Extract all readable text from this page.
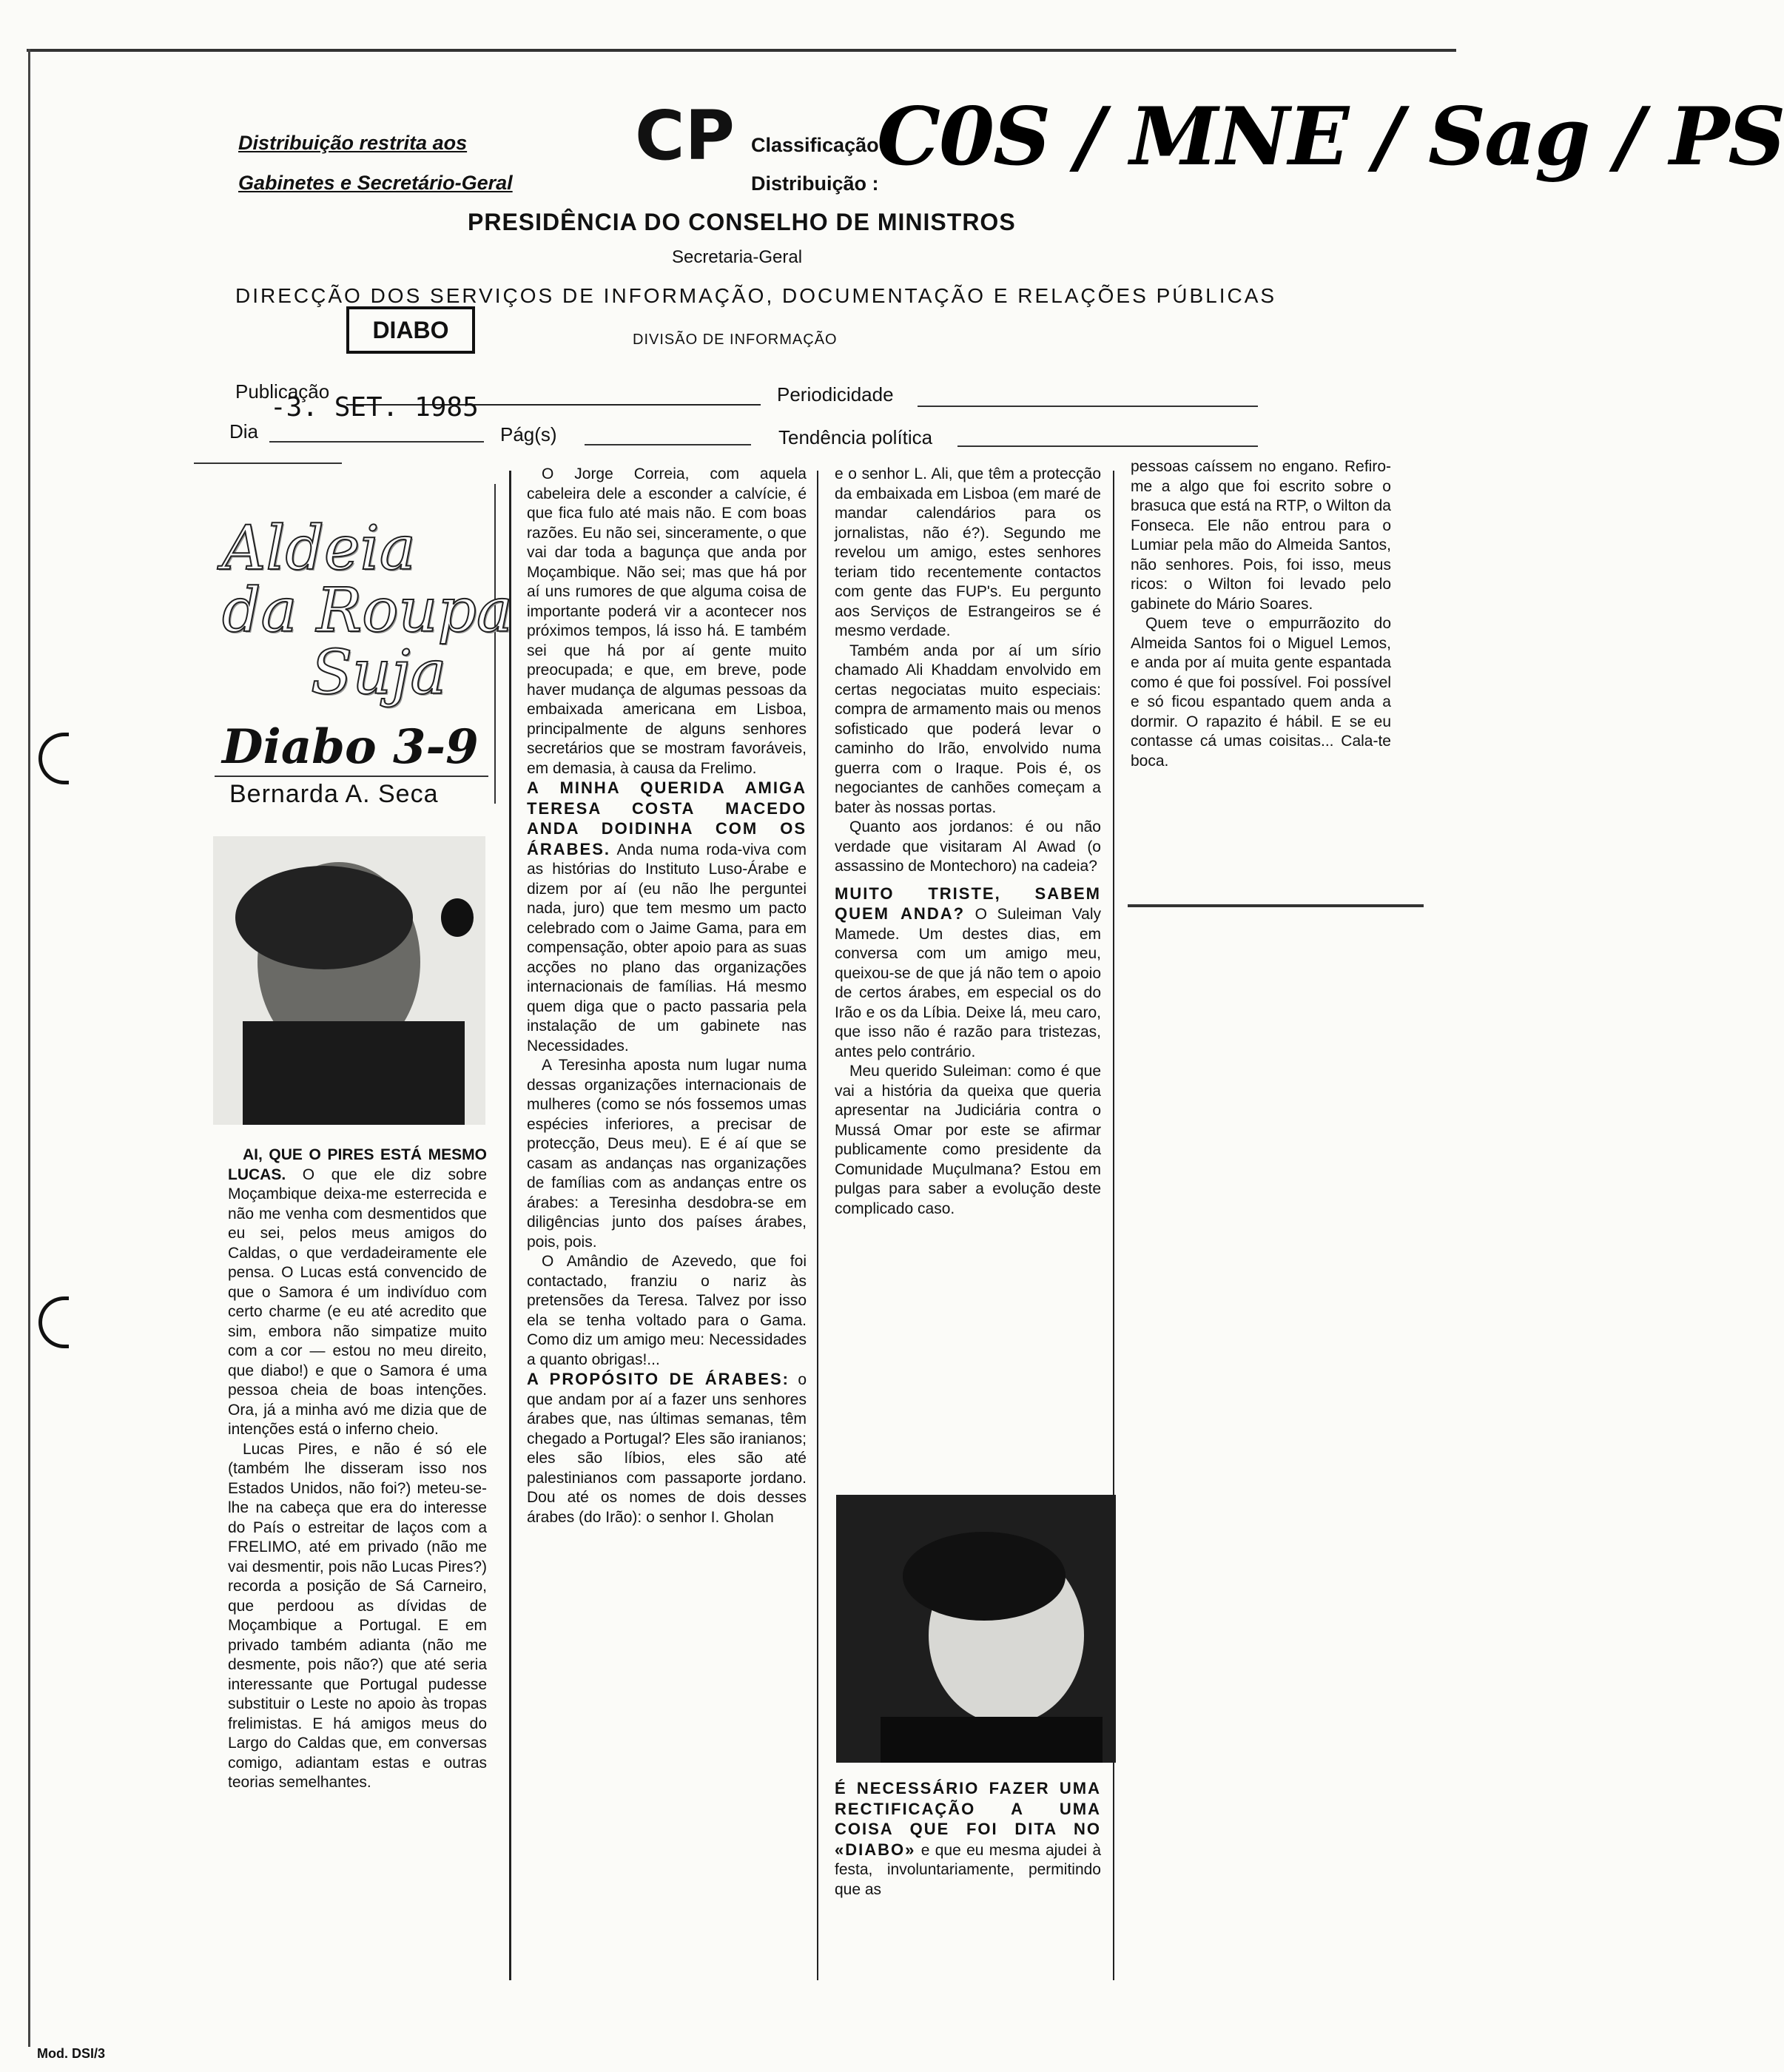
Distribuição restrita aos
Gabinetes e Secretário-Geral
CP Classificação
Distribuição :
C0S / MNE / Sag / PS
PRESIDÊNCIA DO CONSELHO DE MINISTROS
Secretaria-Geral
DIRECÇÃO DOS SERVIÇOS DE INFORMAÇÃO, DOCUMENTAÇÃO E RELAÇÕES PÚBLICAS
DIABO	DIVISÃO DE INFORMAÇÃO
Publicação
-3. SET. 1985	Periodicidade
Dia	Pág(s)	Tendência política
Aldeia
da Roupa
Suja
Diabo 3-9
Bernarda A. Seca

AI, QUE O PIRES ESTÁ MESMO LUCAS. O que ele diz sobre Moçambique deixa-me esterrecida e não me venha com desmentidos que eu sei, pelos meus amigos do Caldas, o que verdadeiramente ele pensa. O Lucas está convencido de que o Samora é um indivíduo com certo charme (e eu até acredito que sim, embora não simpatize muito com a cor — estou no meu direito, que diabo!) e que o Samora é uma pessoa cheia de boas intenções. Ora, já a minha avó me dizia que de intenções está o inferno cheio.

Lucas Pires, e não é só ele (também lhe disseram isso nos Estados Unidos, não foi?) meteu-se-lhe na cabeça que era do interesse do País o estreitar de laços com a FRELIMO, até em privado (não me vai desmentir, pois não Lucas Pires?) recorda a posição de Sá Carneiro, que perdoou as dívidas de Moçambique a Portugal. E em privado também adianta (não me desmente, pois não?) que até seria interessante que Portugal pudesse substituir o Leste no apoio às tropas frelimistas. E há amigos meus do Largo do Caldas que, em conversas comigo, adiantam estas e outras teorias semelhantes.

O Jorge Correia, com aquela cabeleira dele a esconder a calvície, é que fica fulo até mais não. E com boas razões. Eu não sei, sinceramente, o que vai dar toda a bagunça que anda por Moçambique. Não sei; mas que há por aí uns rumores de que alguma coisa de importante poderá vir a acontecer nos próximos tempos, lá isso há. E também sei que há por aí gente muito preocupada; e que, em breve, pode haver mudança de algumas pessoas da embaixada americana em Lisboa, principalmente de alguns senhores secretários que se mostram favoráveis, em demasia, à causa da Frelimo.

A MINHA QUERIDA AMIGA TERESA COSTA MACEDO ANDA DOIDINHA COM OS ÁRABES. Anda numa roda-viva com as histórias do Instituto Luso-Árabe e dizem por aí (eu não lhe perguntei nada, juro) que tem mesmo um pacto celebrado com o Jaime Gama, para em compensação, obter apoio para as suas acções no plano das organizações internacionais de famílias. Há mesmo quem diga que o pacto passaria pela instalação de um gabinete nas Necessidades.

A Teresinha aposta num lugar numa dessas organizações internacionais de mulheres (como se nós fossemos umas espécies inferiores, a precisar de protecção, Deus meu). E é aí que se casam as andanças nas organizações de famílias com as andanças entre os árabes: a Teresinha desdobra-se em diligências junto dos países árabes, pois, pois.

O Amândio de Azevedo, que foi contactado, franziu o nariz às pretensões da Teresa. Talvez por isso ela se tenha voltado para o Gama. Como diz um amigo meu: Necessidades a quanto obrigas!...

A PROPÓSITO DE ÁRABES: o que andam por aí a fazer uns senhores árabes que, nas últimas semanas, têm chegado a Portugal? Eles são iranianos; eles são líbios, eles são até palestinianos com passaporte jordano. Dou até os nomes de dois desses árabes (do Irão): o senhor I. Gholan

e o senhor L. Ali, que têm a protecção da embaixada em Lisboa (em maré de mandar calendários para os jornalistas, não é?). Segundo me revelou um amigo, estes senhores teriam tido recentemente contactos com gente das FUP's. Eu pergunto aos Serviços de Estrangeiros se é mesmo verdade.

Também anda por aí um sírio chamado Ali Khaddam envolvido em certas negociatas muito especiais: compra de armamento mais ou menos sofisticado que poderá levar o caminho do Irão, envolvido numa guerra com o Iraque. Pois é, os negociantes de canhões começam a bater às nossas portas.

Quanto aos jordanos: é ou não verdade que visitaram Al Awad (o assassino de Montechoro) na cadeia?

MUITO TRISTE, SABEM QUEM ANDA? O Suleiman Valy Mamede. Um destes dias, em conversa com um amigo meu, queixou-se de que já não tem o apoio de certos árabes, em especial os do Irão e os da Líbia. Deixe lá, meu caro, que isso não é razão para tristezas, antes pelo contrário.

Meu querido Suleiman: como é que vai a história da queixa que queria apresentar na Judiciária contra o Mussá Omar por este se afirmar publicamente como presidente da Comunidade Muçulmana? Estou em pulgas para saber a evolução deste complicado caso.

É NECESSÁRIO FAZER UMA RECTIFICAÇÃO A UMA COISA QUE FOI DITA NO «DIABO» e que eu mesma ajudei à festa, involuntariamente, permitindo que as

pessoas caíssem no engano. Refiro-me a algo que foi escrito sobre o brasuca que está na RTP, o Wilton da Fonseca. Ele não entrou para o Lumiar pela mão do Almeida Santos, não senhores. Pois, foi isso, meus ricos: o Wilton foi levado pelo gabinete do Mário Soares.

Quem teve o empurrãozito do Almeida Santos foi o Miguel Lemos, e anda por aí muita gente espantada como é que foi possível. Foi possível e só ficou espantado quem anda a dormir. O rapazito é hábil. E se eu contasse cá umas coisitas... Cala-te boca.

Mod. DSI/3
